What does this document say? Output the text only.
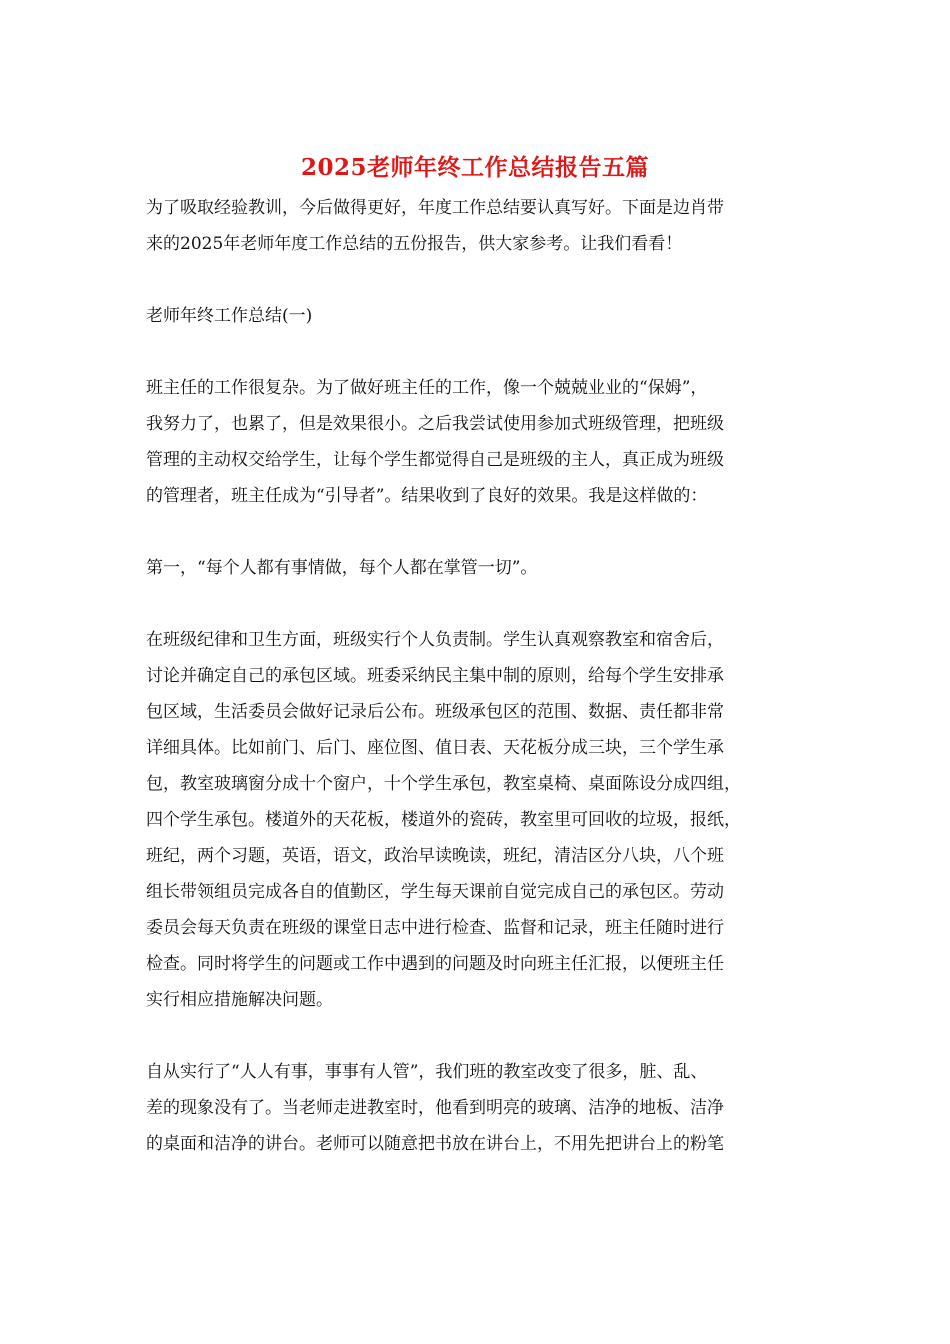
2025老师年终工作总结报告五篇
为了吸取经验教训，今后做得更好，年度工作总结要认真写好。下面是边肖带
来的2025年老师年度工作总结的五份报告，供大家参考。让我们看看！
老师年终工作总结(一)
班主任的工作很复杂。为了做好班主任的工作，像一个兢兢业业的“保姆”，
我努力了，也累了，但是效果很小。之后我尝试使用参加式班级管理，把班级
管理的主动权交给学生，让每个学生都觉得自己是班级的主人，真正成为班级
的管理者，班主任成为“引导者”。结果收到了良好的效果。我是这样做的：
第一，“每个人都有事情做，每个人都在掌管一切”。
在班级纪律和卫生方面，班级实行个人负责制。学生认真观察教室和宿舍后，
讨论并确定自己的承包区域。班委采纳民主集中制的原则，给每个学生安排承
包区域，生活委员会做好记录后公布。班级承包区的范围、数据、责任都非常
详细具体。比如前门、后门、座位图、值日表、天花板分成三块，三个学生承
包，教室玻璃窗分成十个窗户，十个学生承包，教室桌椅、桌面陈设分成四组，
四个学生承包。楼道外的天花板，楼道外的瓷砖，教室里可回收的垃圾，报纸，
班纪，两个习题，英语，语文，政治早读晚读，班纪，清洁区分八块，八个班
组长带领组员完成各自的值勤区，学生每天课前自觉完成自己的承包区。劳动
委员会每天负责在班级的课堂日志中进行检查、监督和记录，班主任随时进行
检查。同时将学生的问题或工作中遇到的问题及时向班主任汇报，以便班主任
实行相应措施解决问题。
自从实行了“人人有事，事事有人管”，我们班的教室改变了很多，脏、乱、
差的现象没有了。当老师走进教室时，他看到明亮的玻璃、洁净的地板、洁净
的桌面和洁净的讲台。老师可以随意把书放在讲台上，不用先把讲台上的粉笔
